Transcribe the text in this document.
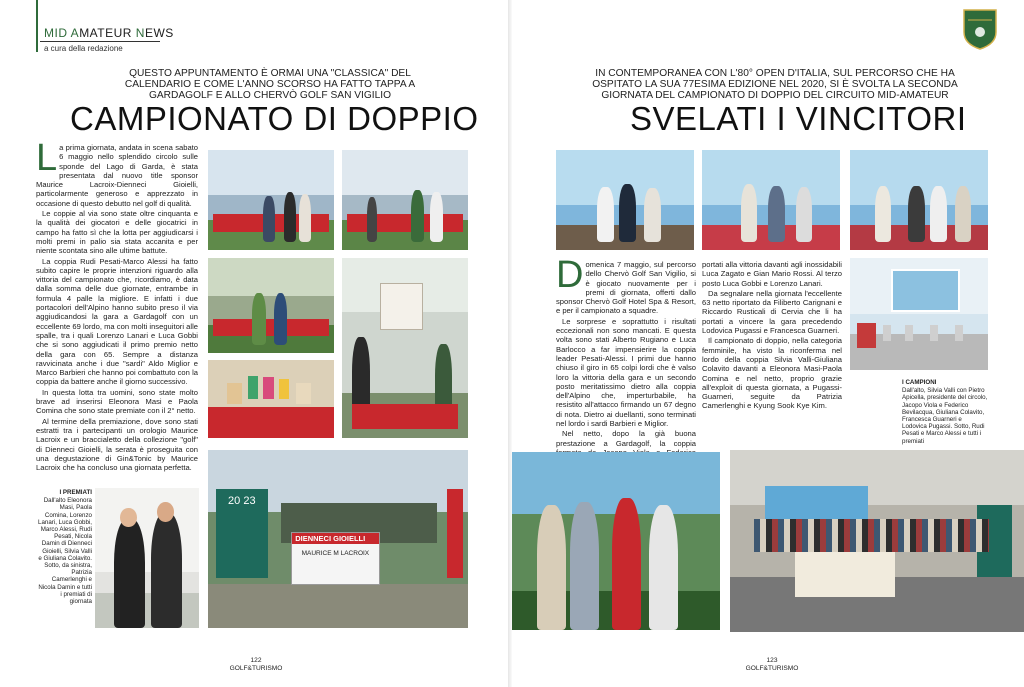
MID AMATEUR NEWS
a cura della redazione
QUESTO APPUNTAMENTO È ORMAI UNA "CLASSICA" DEL CALENDARIO E COME L'ANNO SCORSO HA FATTO TAPPA A GARDAGOLF E ALLO CHERVÒ GOLF SAN VIGILIO
CAMPIONATO DI DOPPIO

La prima giornata, andata in scena sabato 6 maggio nello splendido circolo sulle sponde del Lago di Garda, è stata presentata dal nuovo title sponsor Maurice Lacroix-Dienneci Gioielli, particolarmente generoso e apprezzato in occasione di questo debutto nel golf di qualità.

Le coppie al via sono state oltre cinquanta e la qualità dei giocatori e delle giocatrici in campo ha fatto sì che la lotta per aggiudicarsi i molti premi in palio sia stata accanita e per niente scontata sino alle ultime battute.

La coppia Rudi Pesati-Marco Alessi ha fatto subito capire le proprie intenzioni riguardo alla vittoria del campionato che, ricordiamo, è data dalla somma delle due giornate, entrambe in formula 4 palle la migliore. E infatti i due portacolori dell'Alpino hanno subito preso il via aggiudicandosi la gara a Gardagolf con un eccellente 69 lordo, ma con molti inseguitori alle spalle, tra i quali Lorenzo Lanari e Luca Gobbi che si sono aggiudicati il primo premio netto della gara con 65. Sempre a distanza ravvicinata anche i due "sardi" Aldo Miglior e Marco Barbieri che hanno poi combattuto con la coppia da battere anche il giorno successivo.

In questa lotta tra uomini, sono state molto brave ad inserirsi Eleonora Masi e Paola Comina che sono state premiate con il 2° netto.

Al termine della premiazione, dove sono stati estratti tra i partecipanti un orologio Maurice Lacroix e un braccialetto della collezione "golf" di Dienneci Gioielli, la serata è proseguita con una degustazione di Gin&Tonic by Maurice Lacroix che ha concluso una giornata perfetta.

I PREMIATI
Dall'alto Eleonora Masi, Paola Comina, Lorenzo Lanari, Luca Gobbi, Marco Alessi, Rudi Pesati, Nicola Damin di Dienneci Gioielli, Silvia Valli e Giuliana Colavito. Sotto, da sinistra, Patrizia Camerlenghi e Nicola Damin e tutti i premiati di giornata
20 23
DIENNECI GIOIELLI
MAURICE M LACROIX
122
GOLF&TURISMO
IN CONTEMPORANEA CON L'80° OPEN D'ITALIA, SUL PERCORSO CHE HA OSPITATO LA SUA 77ESIMA EDIZIONE NEL 2020, SI È SVOLTA LA SECONDA GIORNATA DEL CAMPIONATO DI DOPPIO DEL CIRCUITO MID-AMATEUR
SVELATI I VINCITORI

Domenica 7 maggio, sul percorso dello Chervò Golf San Vigilio, si è giocato nuovamente per i premi di giornata, offerti dallo sponsor Chervò Golf Hotel Spa & Resort, e per il campionato a squadre.

Le sorprese e soprattutto i risultati eccezionali non sono mancati. E questa volta sono stati Alberto Rugiano e Luca Barlocco a far impensierire la coppia leader Pesati-Alessi. I primi due hanno chiuso il giro in 65 colpi lordi che è valso loro la vittoria della gara e un secondo posto meritatissimo dietro alla coppia dell'Alpino che, imperturbabile, ha resistito all'attacco firmando un 67 degno di nota. Dietro ai duellanti, sono terminati nel lordo i sardi Barbieri e Miglior.

Nel netto, dopo la già buona prestazione a Gardagolf, la coppia

portati alla vittoria davanti agli inossidabili Luca Zagato e Gian Mario Rossi. Al terzo posto Luca Gobbi e Lorenzo Lanari.

Da segnalare nella giornata l'eccellente 63 netto riportato da Filiberto Carignani e Riccardo Rusticali di Cervia che li ha portati a vincere la gara precedendo Lodovica Pugassi e Francesca Guarneri.

Il campionato di doppio, nella categoria femminile, ha visto la riconferma nel lordo della coppia Silvia Valli-Giuliana Colavito davanti a Eleonora Masi-Paola Comina e nel netto, proprio grazie all'exploit di questa giornata, a Pugassi-Guarneri, seguite da Patrizia Camerlenghi e Kyung Sook Kye Kim.

I CAMPIONI
Dall'alto, Silvia Valli con Pietro Apicella, presidente del circolo, Jacopo Viola e Federico Bevilacqua, Giuliana Colavito, Francesca Guarneri e Lodovica Pugassi. Sotto, Rudi Pesati e Marco Alessi e tutti i premiati
123
GOLF&TURISMO
